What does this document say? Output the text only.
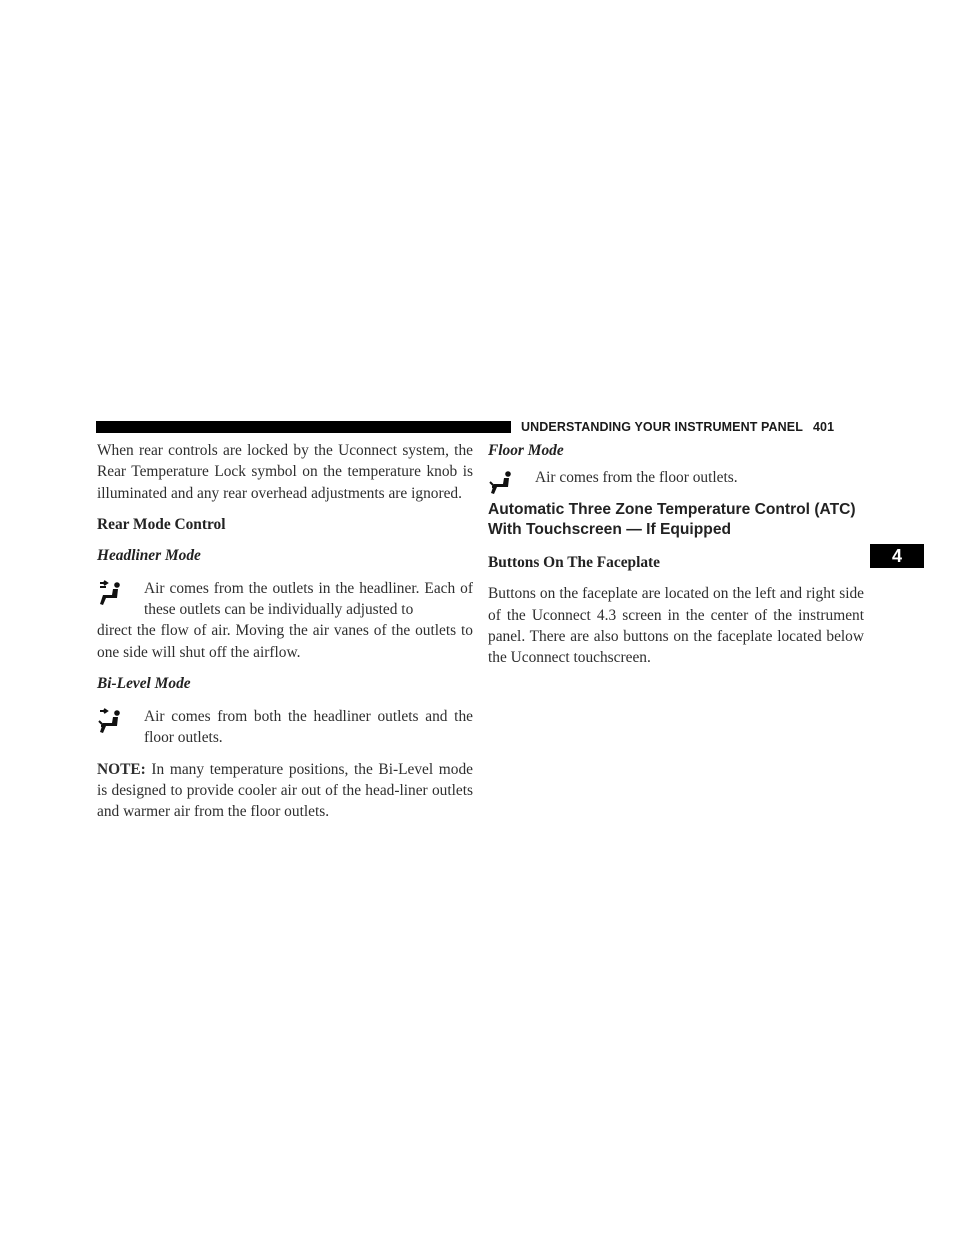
UNDERSTANDING YOUR INSTRUMENT PANEL 401
4

When rear controls are locked by the Uconnect system, the Rear Temperature Lock symbol on the temperature knob is illuminated and any rear overhead adjustments are ignored.

Rear Mode Control
Headliner Mode

Air comes from the outlets in the headliner. Each of these outlets can be individually adjusted to

direct the flow of air. Moving the air vanes of the outlets to one side will shut off the airflow.

Bi-Level Mode

Air comes from both the headliner outlets and the floor outlets.

NOTE: In many temperature positions, the Bi-Level mode is designed to provide cooler air out of the head-liner outlets and warmer air from the floor outlets.

Floor Mode

Air comes from the floor outlets.

Automatic Three Zone Temperature Control (ATC)
With Touchscreen — If Equipped
Buttons On The Faceplate

Buttons on the faceplate are located on the left and right side of the Uconnect 4.3 screen in the center of the instrument panel. There are also buttons on the faceplate located below the Uconnect touchscreen.
